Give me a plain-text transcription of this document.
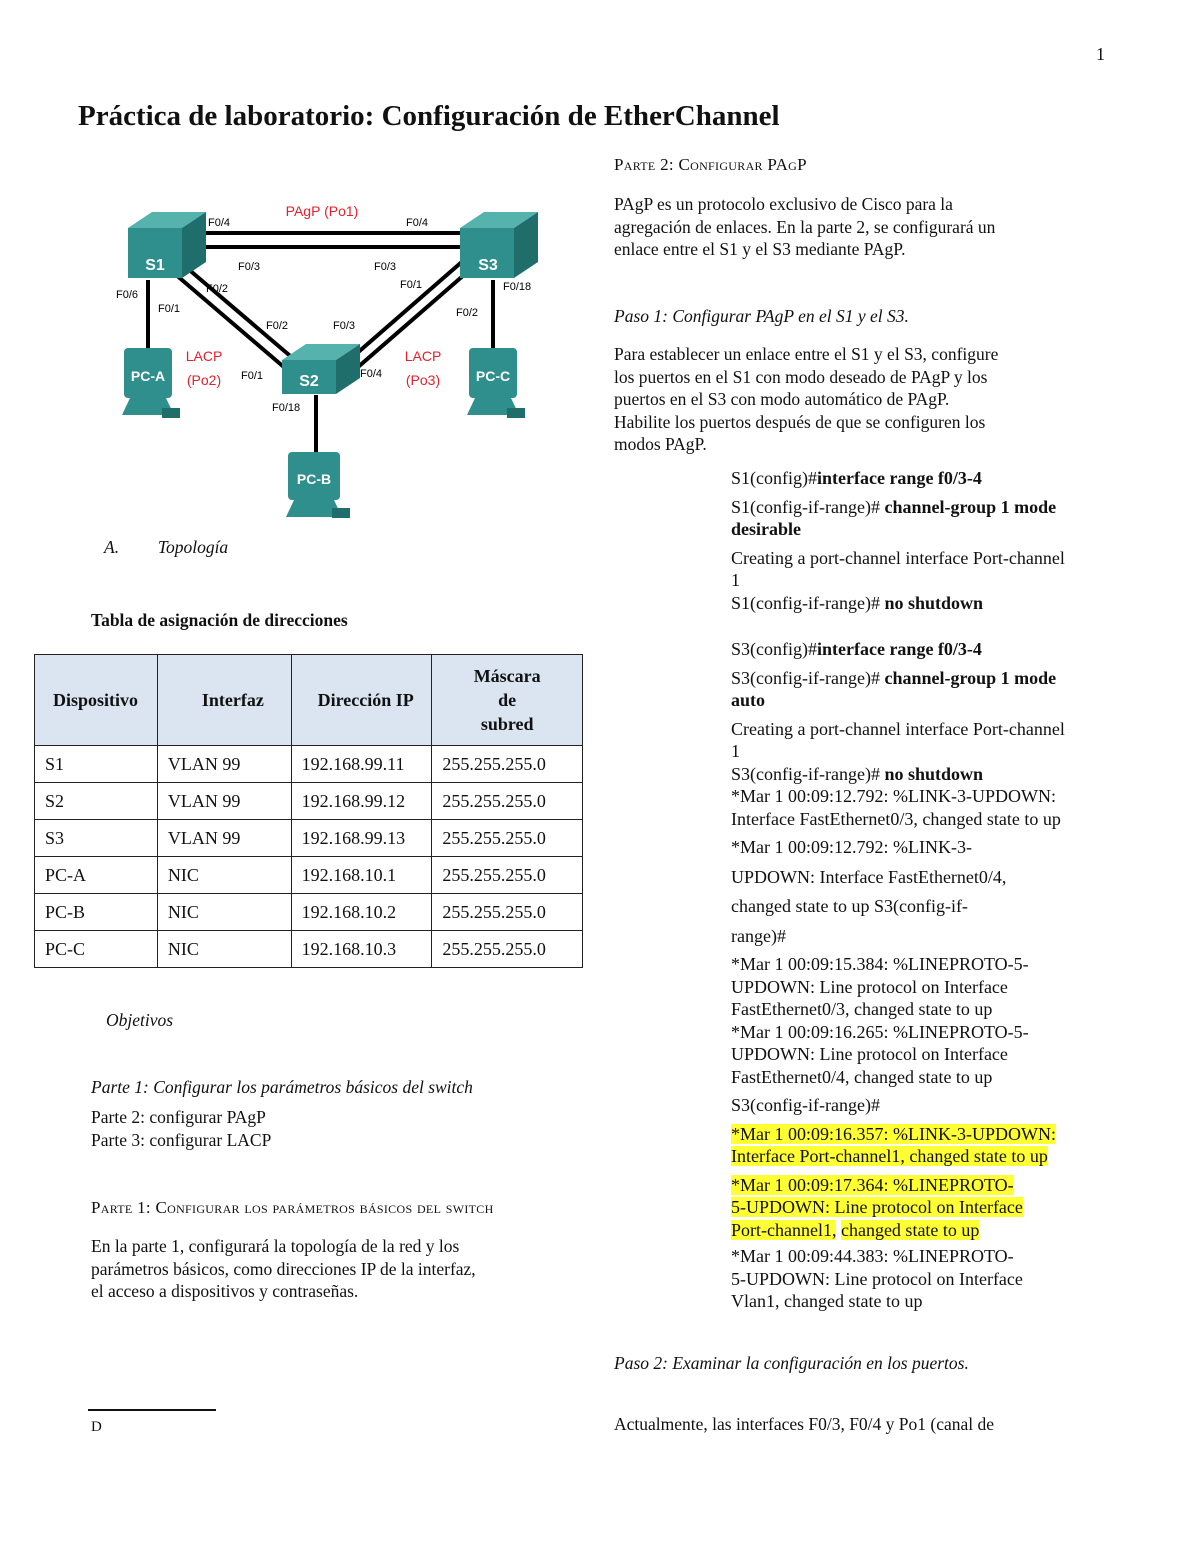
1
Práctica de laboratorio: Configuración de EtherChannel
S1	S3
S2
PC-A	PC-C
PC-B
PAgP (Po1)
LACP
(Po2)
LACP
(Po3)
F0/4	F0/4
F0/3	F0/3
F0/2	F0/1
F0/6
F0/1
F0/18
F0/2
F0/2	F0/3
F0/1	F0/4
F0/18
A. Topología
Tabla de asignación de direcciones
Dispositivo	Interfaz	Dirección IP	Máscara
de
subred

S1	VLAN 99	192.168.99.11	255.255.255.0
S2	VLAN 99	192.168.99.12	255.255.255.0
S3	VLAN 99	192.168.99.13	255.255.255.0
PC-A	NIC	192.168.10.1	255.255.255.0
PC-B	NIC	192.168.10.2	255.255.255.0
PC-C	NIC	192.168.10.3	255.255.255.0
Objetivos
Parte 1: Configurar los parámetros básicos del switch
Parte 2: configurar PAgP
Parte 3: configurar LACP
Parte 1: Configurar los parámetros básicos del switch
En la parte 1, configurará la topología de la red y los
parámetros básicos, como direcciones IP de la interfaz,
el acceso a dispositivos y contraseñas.
D
Parte 2: Configurar PAgP
PAgP es un protocolo exclusivo de Cisco para la
agregación de enlaces. En la parte 2, se configurará un
enlace entre el S1 y el S3 mediante PAgP.
Paso 1: Configurar PAgP en el S1 y el S3.
Para establecer un enlace entre el S1 y el S3, configure
los puertos en el S1 con modo deseado de PAgP y los
puertos en el S3 con modo automático de PAgP.
Habilite los puertos después de que se configuren los
modos PAgP.
S1(config)#interface range f0/3-4
S1(config-if-range)# channel-group 1 mode
desirable
Creating a port-channel interface Port-channel
1
S1(config-if-range)# no shutdown
S3(config)#interface range f0/3-4
S3(config-if-range)# channel-group 1 mode
auto
Creating a port-channel interface Port-channel
1
S3(config-if-range)# no shutdown
*Mar 1 00:09:12.792: %LINK-3-UPDOWN:
Interface FastEthernet0/3, changed state to up
*Mar 1 00:09:12.792: %LINK-3-
UPDOWN: Interface FastEthernet0/4,
changed state to up S3(config-if-
range)#
*Mar 1 00:09:15.384: %LINEPROTO-5-
UPDOWN: Line protocol on Interface
FastEthernet0/3, changed state to up
*Mar 1 00:09:16.265: %LINEPROTO-5-
UPDOWN: Line protocol on Interface
FastEthernet0/4, changed state to up
S3(config-if-range)#
*Mar 1 00:09:16.357: %LINK-3-UPDOWN:
Interface Port-channel1, changed state to up
*Mar 1 00:09:17.364: %LINEPROTO-
5-UPDOWN: Line protocol on Interface
Port-channel1, changed state to up
*Mar 1 00:09:44.383: %LINEPROTO-
5-UPDOWN: Line protocol on Interface
Vlan1, changed state to up
Paso 2: Examinar la configuración en los puertos.
Actualmente, las interfaces F0/3, F0/4 y Po1 (canal de
